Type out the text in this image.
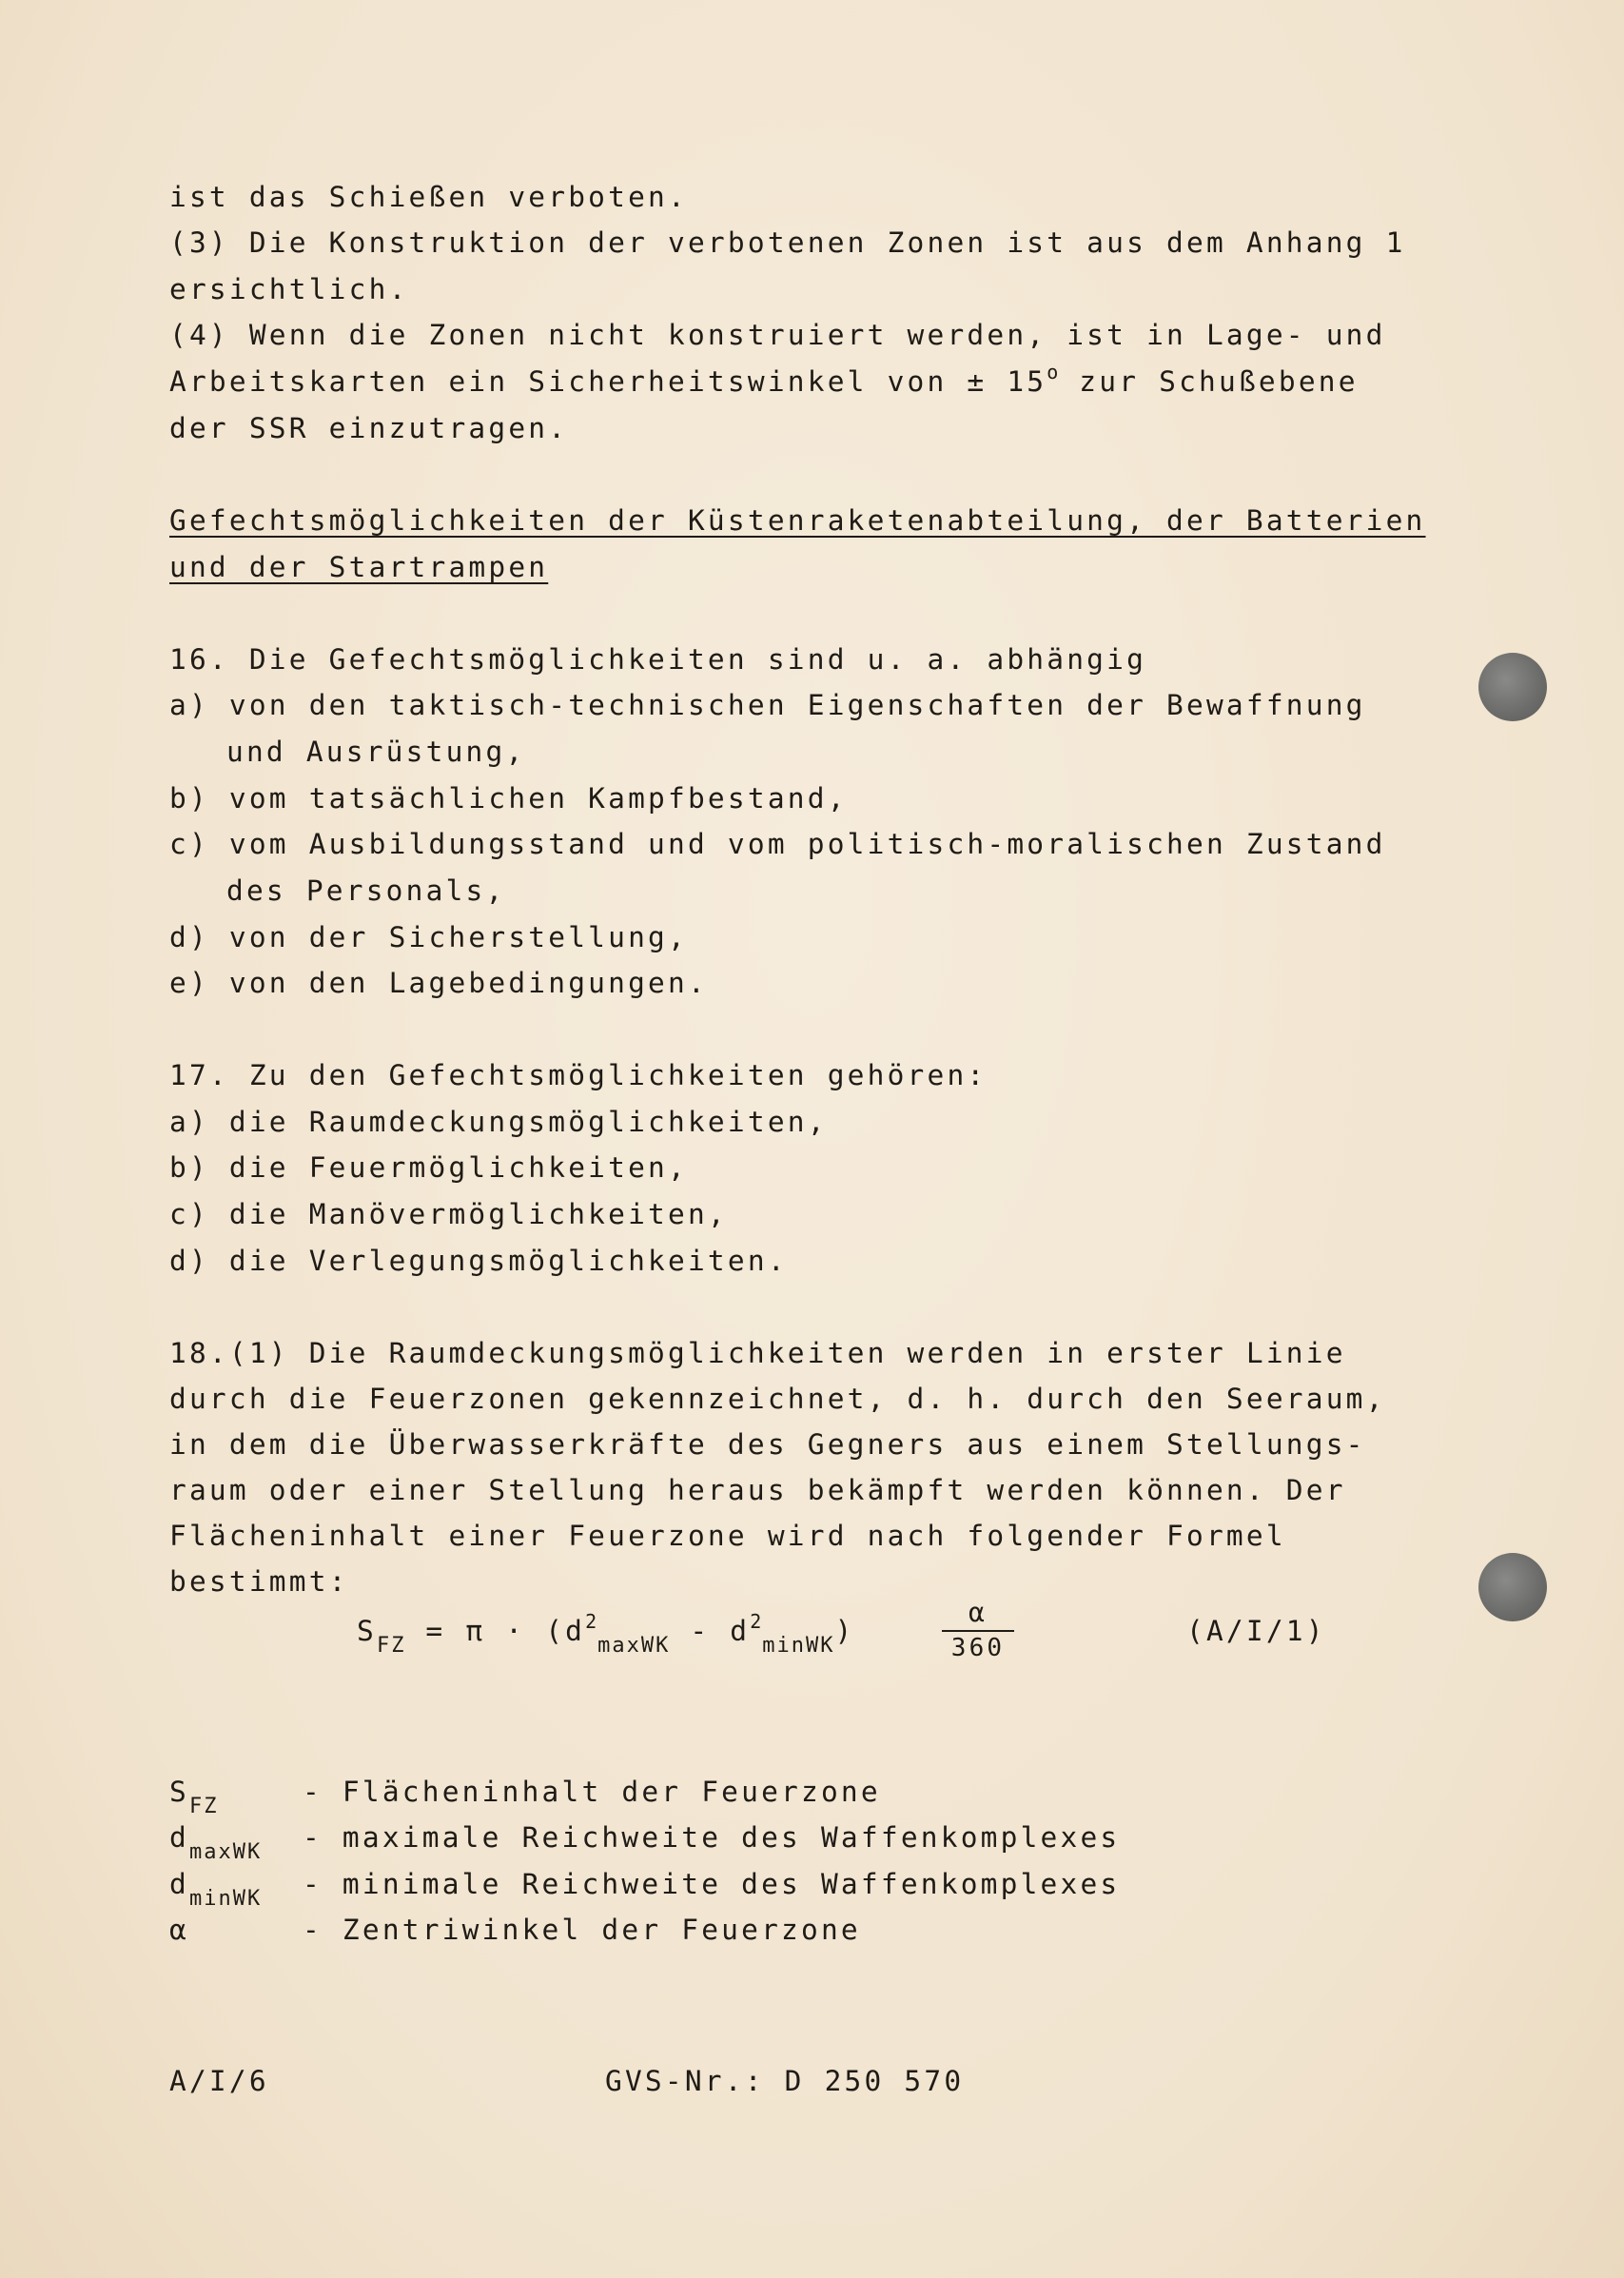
ist das Schießen verboten.
(3) Die Konstruktion der verbotenen Zonen ist aus dem Anhang 1
ersichtlich.
(4) Wenn die Zonen nicht konstruiert werden, ist in Lage- und
Arbeitskarten ein Sicherheitswinkel von ± $15^o$ zur Schußebene
der SSR einzutragen.
Gefechtsmöglichkeiten der Küstenraketenabteilung, der Batterien
und der Startrampen
16. Die Gefechtsmöglichkeiten sind u. a. abhängig
a) von den taktisch-technischen Eigenschaften der Bewaffnung
und Ausrüstung,
b) vom tatsächlichen Kampfbestand,
c) vom Ausbildungsstand und vom politisch-moralischen Zustand
des Personals,
d) von der Sicherstellung,
e) von den Lagebedingungen.
17. Zu den Gefechtsmöglichkeiten gehören:
a) die Raumdeckungsmöglichkeiten,
b) die Feuermöglichkeiten,
c) die Manövermöglichkeiten,
d) die Verlegungsmöglichkeiten.
18.(1) Die Raumdeckungsmöglichkeiten werden in erster Linie
durch die Feuerzonen gekennzeichnet, d. h. durch den Seeraum,
in dem die Überwasserkräfte des Gegners aus einem Stellungs-
raum oder einer Stellung heraus bekämpft werden können. Der
Flächeninhalt einer Feuerzone wird nach folgender Formel
bestimmt:
$S_{FZ} = \pi \cdot (d^2_{maxWK} - d^2_{minWK})$
α
360
(A/I/1)
$S_{FZ}$	- Flächeninhalt der Feuerzone
$d_{maxWK}$ - maximale Reichweite des Waffenkomplexes
$d_{minWK}$ - minimale Reichweite des Waffenkomplexes
α	- Zentriwinkel der Feuerzone
A/I/6	GVS-Nr.: D 250 570
